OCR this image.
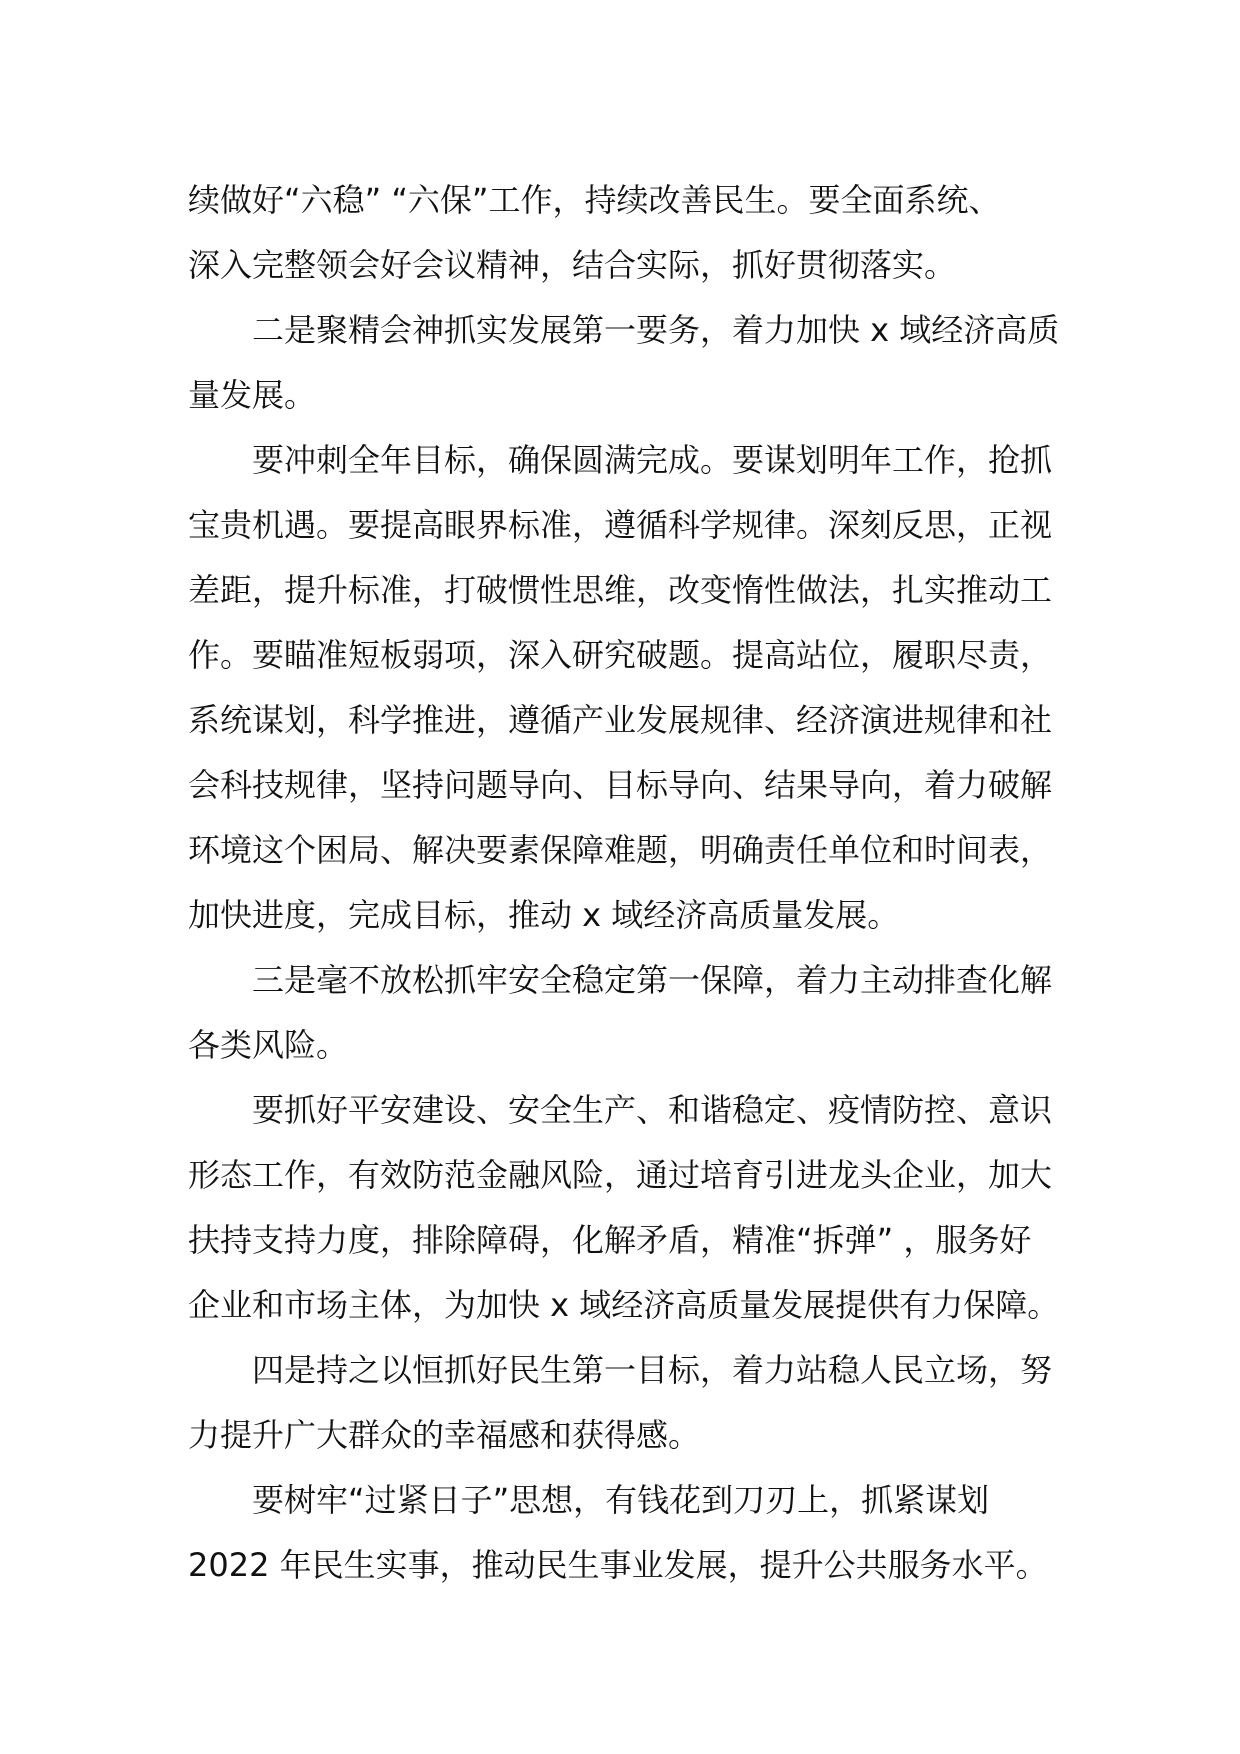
续做好“六稳” “六保”工作，持续改善民生。要全面系统、
深入完整领会好会议精神，结合实际，抓好贯彻落实。
二是聚精会神抓实发展第一要务，着力加快 x 域经济高质
量发展。
要冲刺全年目标，确保圆满完成。要谋划明年工作，抢抓
宝贵机遇。要提高眼界标准，遵循科学规律。深刻反思，正视
差距，提升标准，打破惯性思维，改变惰性做法，扎实推动工
作。要瞄准短板弱项，深入研究破题。提高站位，履职尽责，
系统谋划，科学推进，遵循产业发展规律、经济演进规律和社
会科技规律，坚持问题导向、目标导向、结果导向，着力破解
环境这个困局、解决要素保障难题，明确责任单位和时间表，
加快进度，完成目标，推动 x 域经济高质量发展。
三是毫不放松抓牢安全稳定第一保障，着力主动排查化解
各类风险。
要抓好平安建设、安全生产、和谐稳定、疫情防控、意识
形态工作，有效防范金融风险，通过培育引进龙头企业，加大
扶持支持力度，排除障碍，化解矛盾，精准“拆弹” ，服务好
企业和市场主体，为加快 x 域经济高质量发展提供有力保障。
四是持之以恒抓好民生第一目标，着力站稳人民立场，努
力提升广大群众的幸福感和获得感。
要树牢“过紧日子”思想，有钱花到刀刃上，抓紧谋划
2022 年民生实事，推动民生事业发展，提升公共服务水平。
